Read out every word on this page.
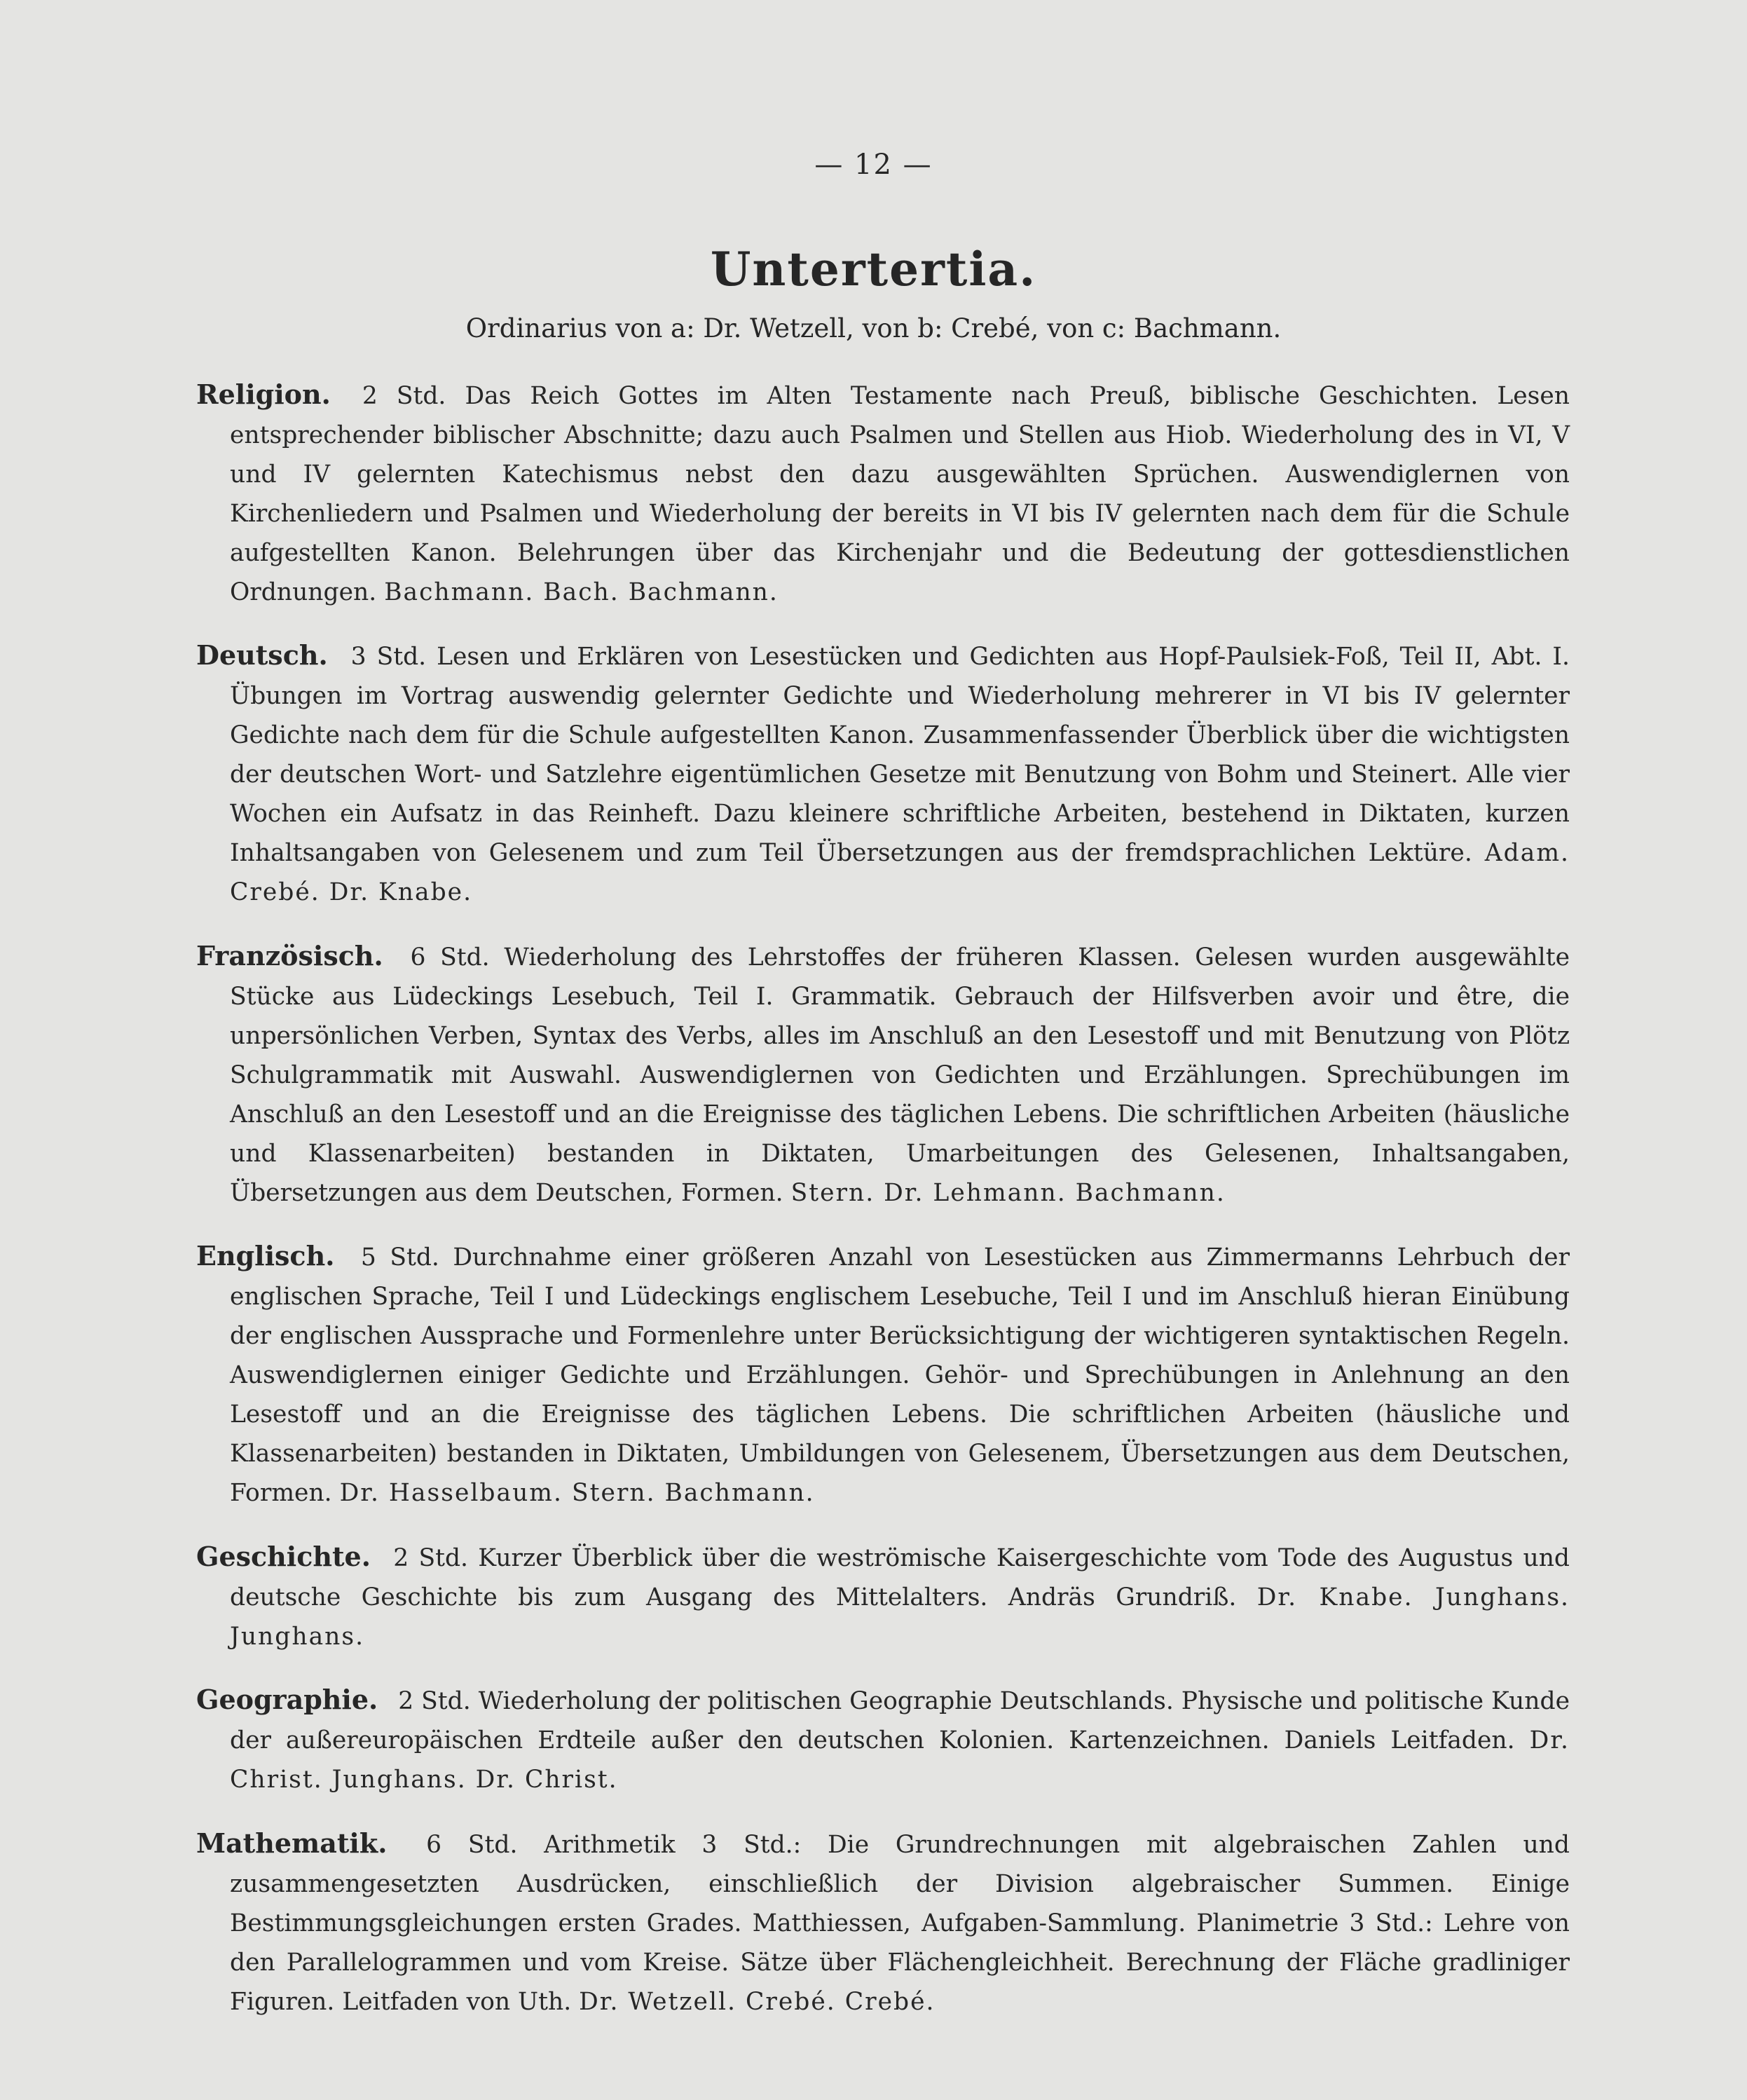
— 12 —
Untertertia.
Ordinarius von a: Dr. Wetzell, von b: Crebé, von c: Bachmann.

Religion. 2 Std. Das Reich Gottes im Alten Testamente nach Preuß, biblische Geschichten. Lesen entsprechender biblischer Abschnitte; dazu auch Psalmen und Stellen aus Hiob. Wiederholung des in VI, V und IV gelernten Katechismus nebst den dazu ausgewählten Sprüchen. Auswendiglernen von Kirchenliedern und Psalmen und Wiederholung der bereits in VI bis IV gelernten nach dem für die Schule aufgestellten Kanon. Belehrungen über das Kirchenjahr und die Bedeutung der gottesdienstlichen Ordnungen. Bachmann. Bach. Bachmann.

Deutsch. 3 Std. Lesen und Erklären von Lesestücken und Gedichten aus Hopf-Paulsiek-Foß, Teil II, Abt. I. Übungen im Vortrag auswendig gelernter Gedichte und Wiederholung mehrerer in VI bis IV gelernter Gedichte nach dem für die Schule aufgestellten Kanon. Zusammenfassender Überblick über die wichtigsten der deutschen Wort- und Satzlehre eigentümlichen Gesetze mit Benutzung von Bohm und Steinert. Alle vier Wochen ein Aufsatz in das Reinheft. Dazu kleinere schriftliche Arbeiten, bestehend in Diktaten, kurzen Inhaltsangaben von Gelesenem und zum Teil Übersetzungen aus der fremdsprachlichen Lektüre. Adam. Crebé. Dr. Knabe.

Französisch. 6 Std. Wiederholung des Lehrstoffes der früheren Klassen. Gelesen wurden ausgewählte Stücke aus Lüdeckings Lesebuch, Teil I. Grammatik. Gebrauch der Hilfsverben avoir und être, die unpersönlichen Verben, Syntax des Verbs, alles im Anschluß an den Lesestoff und mit Benutzung von Plötz Schulgrammatik mit Auswahl. Auswendiglernen von Gedichten und Erzählungen. Sprechübungen im Anschluß an den Lesestoff und an die Ereignisse des täglichen Lebens. Die schriftlichen Arbeiten (häusliche und Klassenarbeiten) bestanden in Diktaten, Umarbeitungen des Gelesenen, Inhaltsangaben, Übersetzungen aus dem Deutschen, Formen. Stern. Dr. Lehmann. Bachmann.

Englisch. 5 Std. Durchnahme einer größeren Anzahl von Lesestücken aus Zimmermanns Lehrbuch der englischen Sprache, Teil I und Lüdeckings englischem Lesebuche, Teil I und im Anschluß hieran Einübung der englischen Aussprache und Formenlehre unter Berücksichtigung der wichtigeren syntaktischen Regeln. Auswendiglernen einiger Gedichte und Erzählungen. Gehör- und Sprechübungen in Anlehnung an den Lesestoff und an die Ereignisse des täglichen Lebens. Die schriftlichen Arbeiten (häusliche und Klassenarbeiten) bestanden in Diktaten, Umbildungen von Gelesenem, Übersetzungen aus dem Deutschen, Formen. Dr. Hasselbaum. Stern. Bachmann.

Geschichte. 2 Std. Kurzer Überblick über die weströmische Kaisergeschichte vom Tode des Augustus und deutsche Geschichte bis zum Ausgang des Mittelalters. Andräs Grundriß. Dr. Knabe. Junghans. Junghans.

Geographie. 2 Std. Wiederholung der politischen Geographie Deutschlands. Physische und politische Kunde der außereuropäischen Erdteile außer den deutschen Kolonien. Kartenzeichnen. Daniels Leitfaden. Dr. Christ. Junghans. Dr. Christ.

Mathematik. 6 Std. Arithmetik 3 Std.: Die Grundrechnungen mit algebraischen Zahlen und zusammengesetzten Ausdrücken, einschließlich der Division algebraischer Summen. Einige Bestimmungsgleichungen ersten Grades. Matthiessen, Aufgaben-Sammlung. Planimetrie 3 Std.: Lehre von den Parallelogrammen und vom Kreise. Sätze über Flächengleichheit. Berechnung der Fläche gradliniger Figuren. Leitfaden von Uth. Dr. Wetzell. Crebé. Crebé.
